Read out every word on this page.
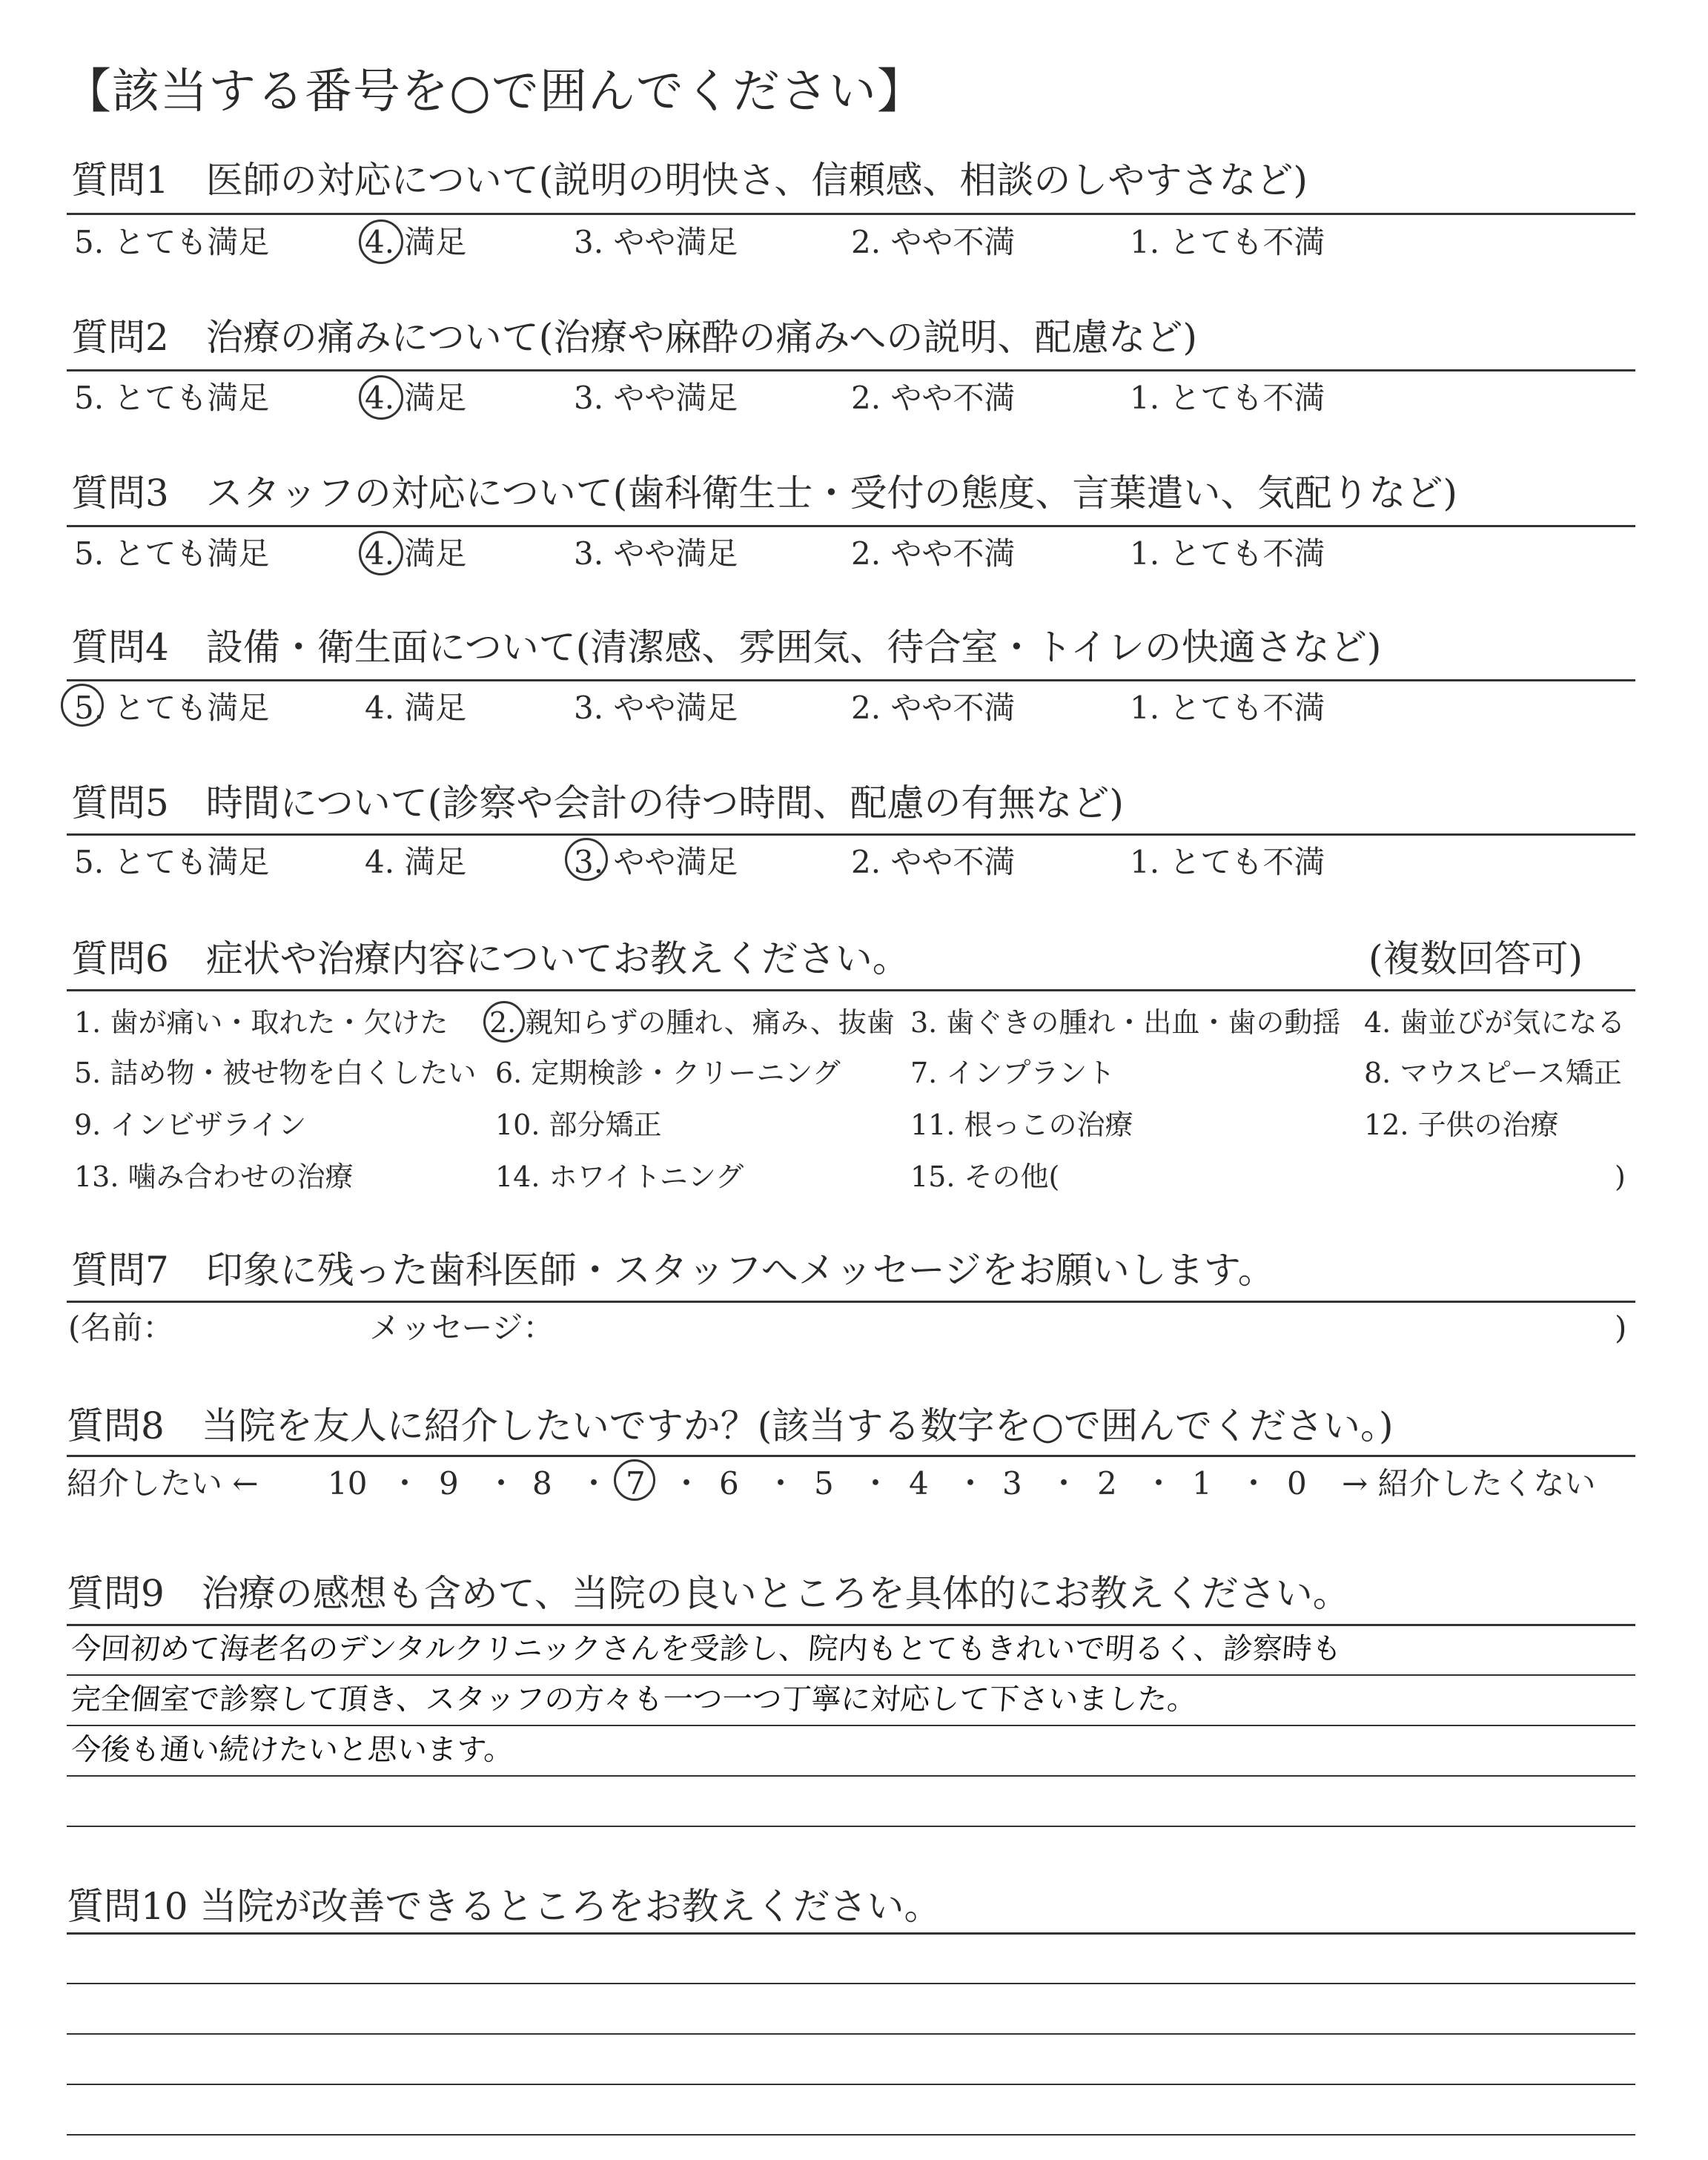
【該当する番号を○で囲んでください】
質問1　医師の対応について(説明の明快さ、信頼感、相談のしやすさなど)
5. とても満足	4. 満足	3. やや満足	2. やや不満	1. とても不満
質問2　治療の痛みについて(治療や麻酔の痛みへの説明、配慮など)
5. とても満足	4. 満足	3. やや満足	2. やや不満	1. とても不満
質問3　スタッフの対応について(歯科衛生士・受付の態度、言葉遣い、気配りなど)
5. とても満足	4. 満足	3. やや満足	2. やや不満	1. とても不満
質問4　設備・衛生面について(清潔感、雰囲気、待合室・トイレの快適さなど)
5. とても満足	4. 満足	3. やや満足	2. やや不満	1. とても不満
質問5　時間について(診察や会計の待つ時間、配慮の有無など)
5. とても満足	4. 満足	3. やや満足	2. やや不満	1. とても不満
質問6　症状や治療内容についてお教えください。	(複数回答可)
1. 歯が痛い・取れた・欠けた 2. 親知らずの腫れ、痛み、抜歯 3. 歯ぐきの腫れ・出血・歯の動揺 4. 歯並びが気になる
5. 詰め物・被せ物を白くしたい 6. 定期検診・クリーニング 7. インプラント	8. マウスピース矯正
9. インビザライン	10. 部分矯正	11. 根っこの治療	12. 子供の治療
13. 噛み合わせの治療	14. ホワイトニング	15. その他(	)
質問7　印象に残った歯科医師・スタッフへメッセージをお願いします。
(名前：	メッセージ：	)
質問8　当院を友人に紹介したいですか？(該当する数字を○で囲んでください。)
紹介したい ← 10 ・ 9 ・ 8 ・ 7 ・ 6 ・ 5 ・ 4 ・ 3 ・ 2 ・ 1 ・ 0 → 紹介したくない
質問9　治療の感想も含めて、当院の良いところを具体的にお教えください。
今回初めて海老名のデンタルクリニックさんを受診し、院内もとてもきれいで明るく、診察時も
完全個室で診察して頂き、スタッフの方々も一つ一つ丁寧に対応して下さいました。
今後も通い続けたいと思います。
質問10 当院が改善できるところをお教えください。
